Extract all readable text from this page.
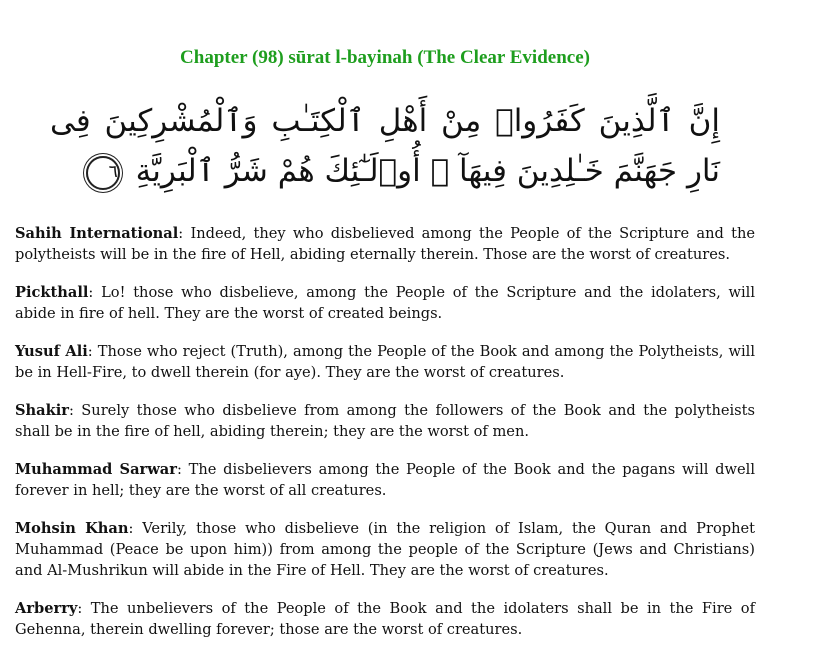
Chapter (98) sūrat l-bayinah (The Clear Evidence)
إِنَّ ٱلَّذِينَ كَفَرُوا۟ مِنْ أَهْلِ ٱلْكِتَـٰبِ وَٱلْمُشْرِكِينَ فِى نَارِ جَهَنَّمَ خَـٰلِدِينَ فِيهَآ ۚ أُو۟لَـٰٓئِكَ هُمْ شَرُّ ٱلْبَرِيَّةِ ٦

Sahih International: Indeed, they who disbelieved among the People of the Scripture and the polytheists will be in the fire of Hell, abiding eternally therein. Those are the worst of creatures.

Pickthall: Lo! those who disbelieve, among the People of the Scripture and the idolaters, will abide in fire of hell. They are the worst of created beings.

Yusuf Ali: Those who reject (Truth), among the People of the Book and among the Polytheists, will be in Hell-Fire, to dwell therein (for aye). They are the worst of creatures.

Shakir: Surely those who disbelieve from among the followers of the Book and the polytheists shall be in the fire of hell, abiding therein; they are the worst of men.

Muhammad Sarwar: The disbelievers among the People of the Book and the pagans will dwell forever in hell; they are the worst of all creatures.

Mohsin Khan: Verily, those who disbelieve (in the religion of Islam, the Quran and Prophet Muhammad (Peace be upon him)) from among the people of the Scripture (Jews and Christians) and Al-Mushrikun will abide in the Fire of Hell. They are the worst of creatures.

Arberry: The unbelievers of the People of the Book and the idolaters shall be in the Fire of Gehenna, therein dwelling forever; those are the worst of creatures.
